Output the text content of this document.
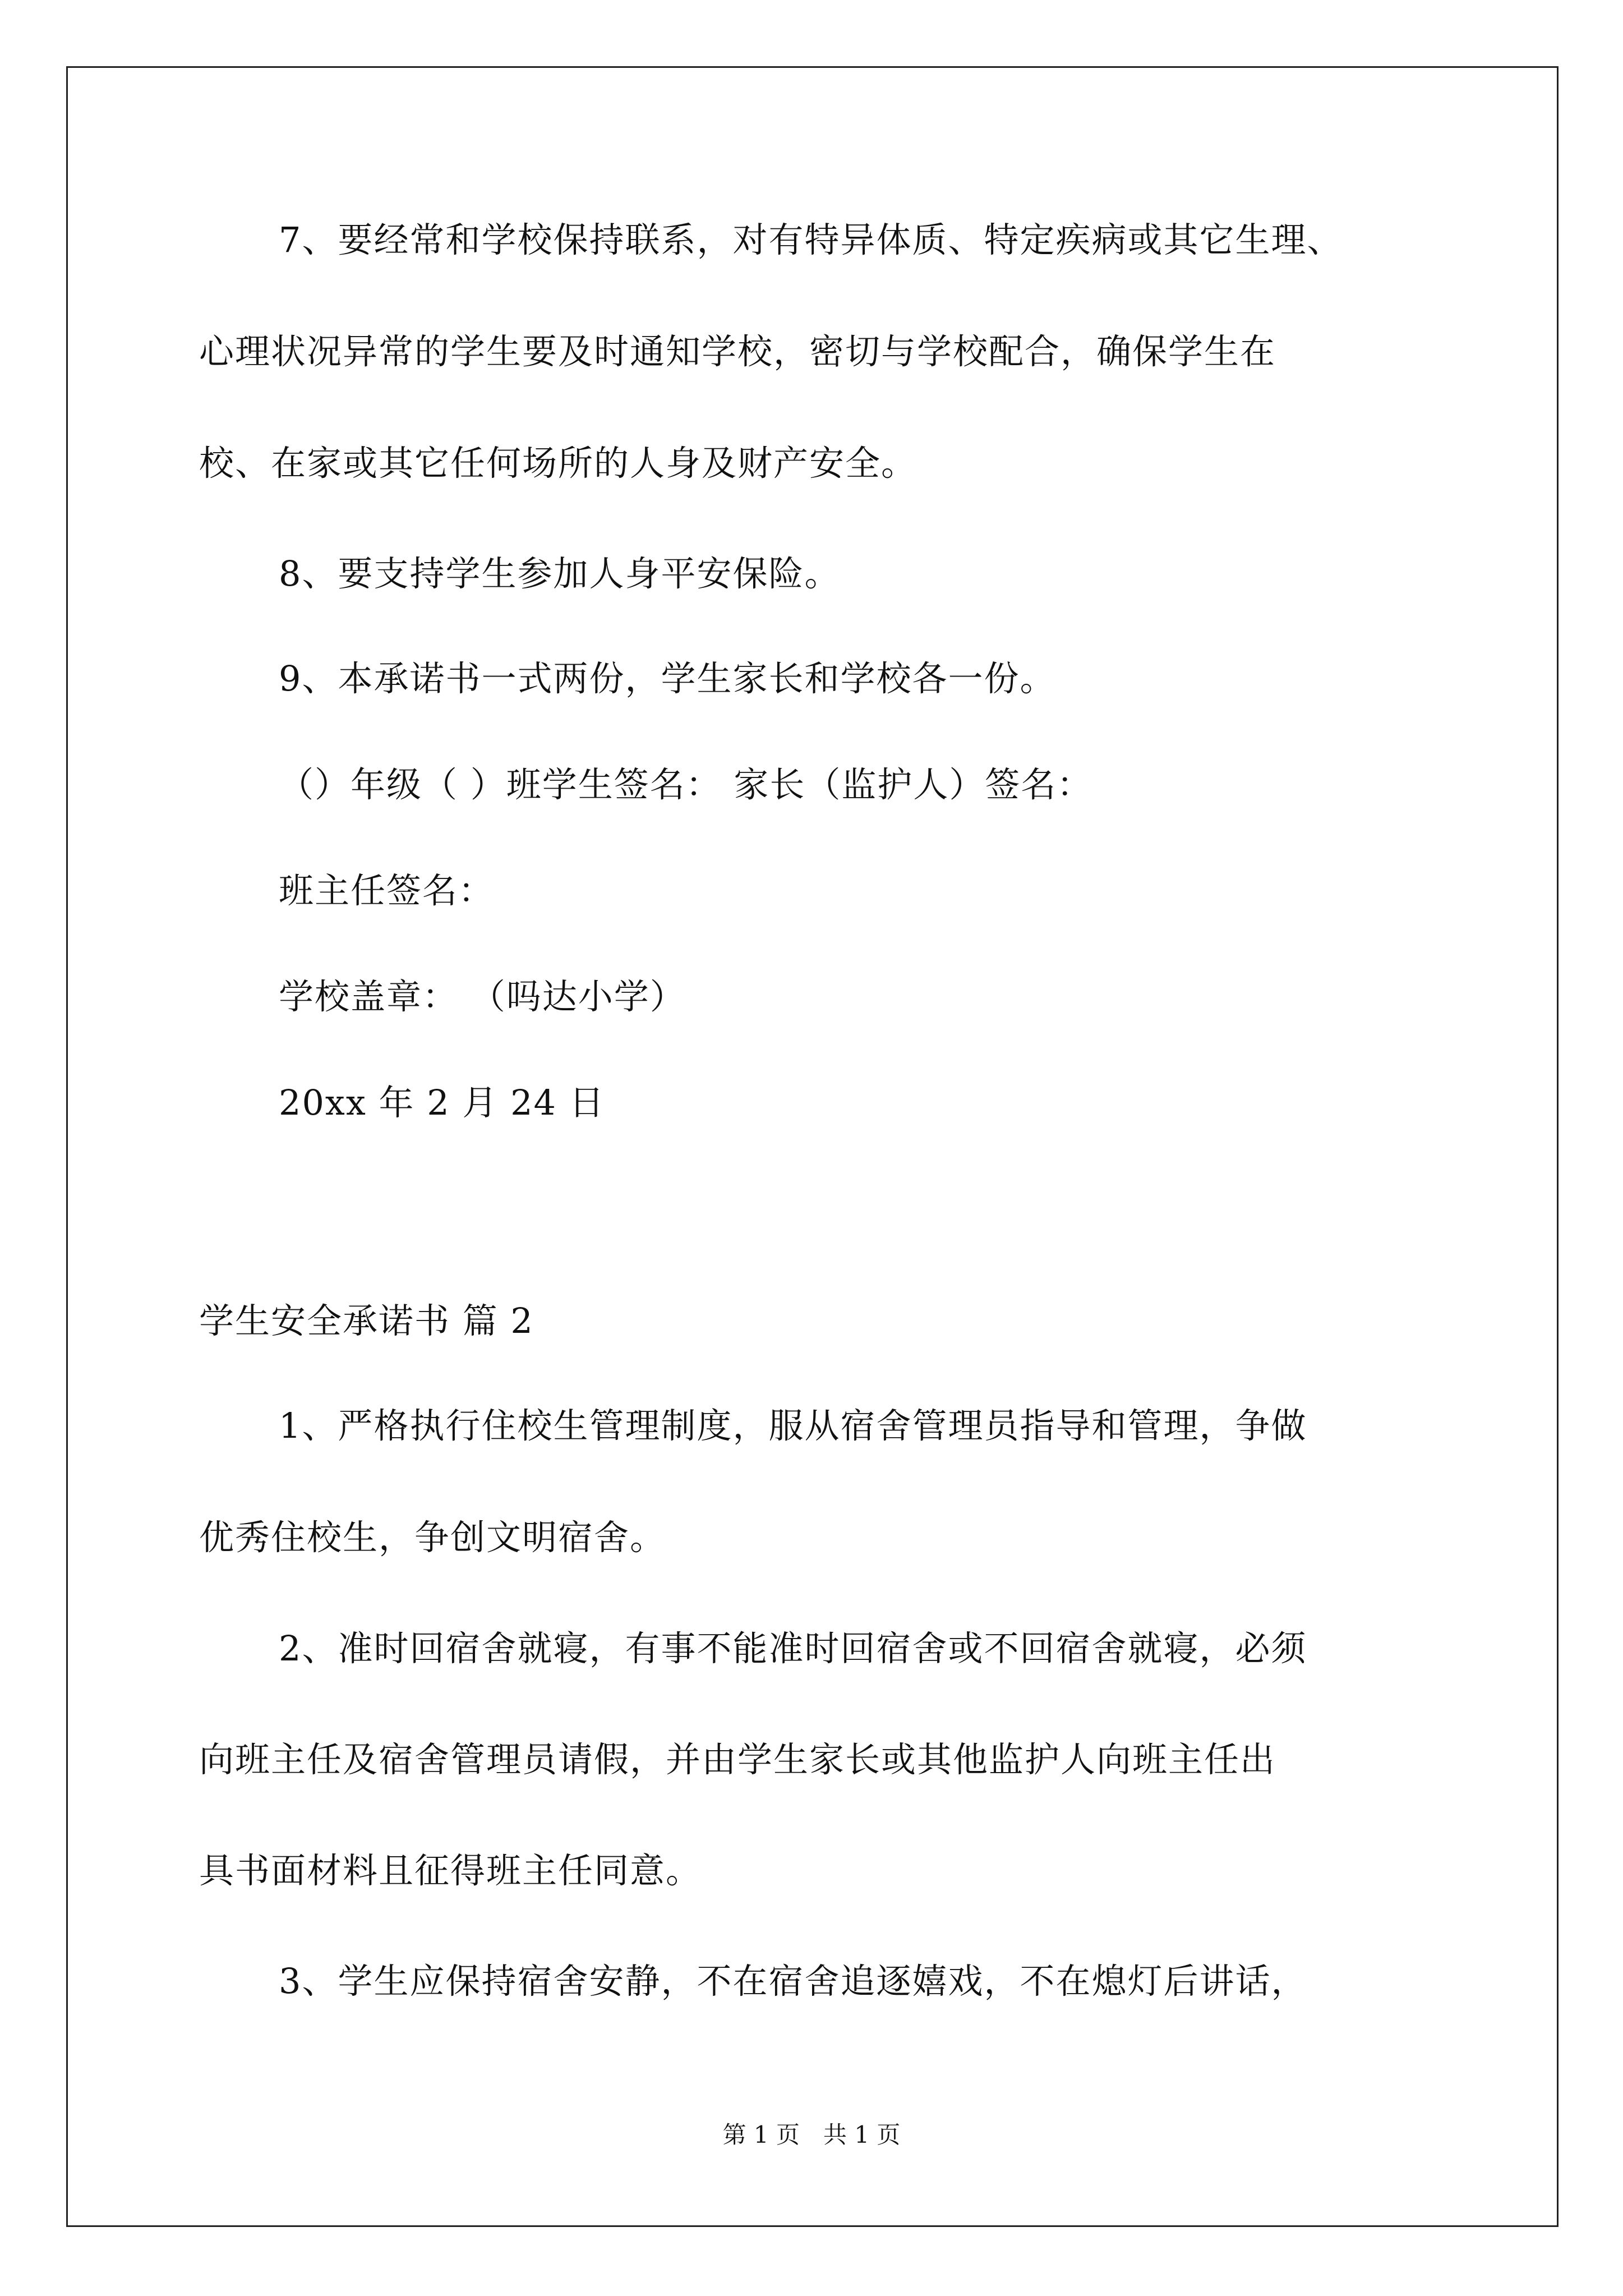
7、要经常和学校保持联系，对有特异体质、特定疾病或其它生理、
心理状况异常的学生要及时通知学校，密切与学校配合，确保学生在
校、在家或其它任何场所的人身及财产安全。
8、要支持学生参加人身平安保险。
9、本承诺书一式两份，学生家长和学校各一份。
（）年级（ ）班学生签名： 家长（监护人）签名：
班主任签名：
学校盖章： （吗达小学）
20xx 年 2 月 24 日
学生安全承诺书 篇 2
1、严格执行住校生管理制度，服从宿舍管理员指导和管理，争做
优秀住校生，争创文明宿舍。
2、准时回宿舍就寝，有事不能准时回宿舍或不回宿舍就寝，必须
向班主任及宿舍管理员请假，并由学生家长或其他监护人向班主任出
具书面材料且征得班主任同意。
3、学生应保持宿舍安静，不在宿舍追逐嬉戏，不在熄灯后讲话，
第 1 页　共 1 页
